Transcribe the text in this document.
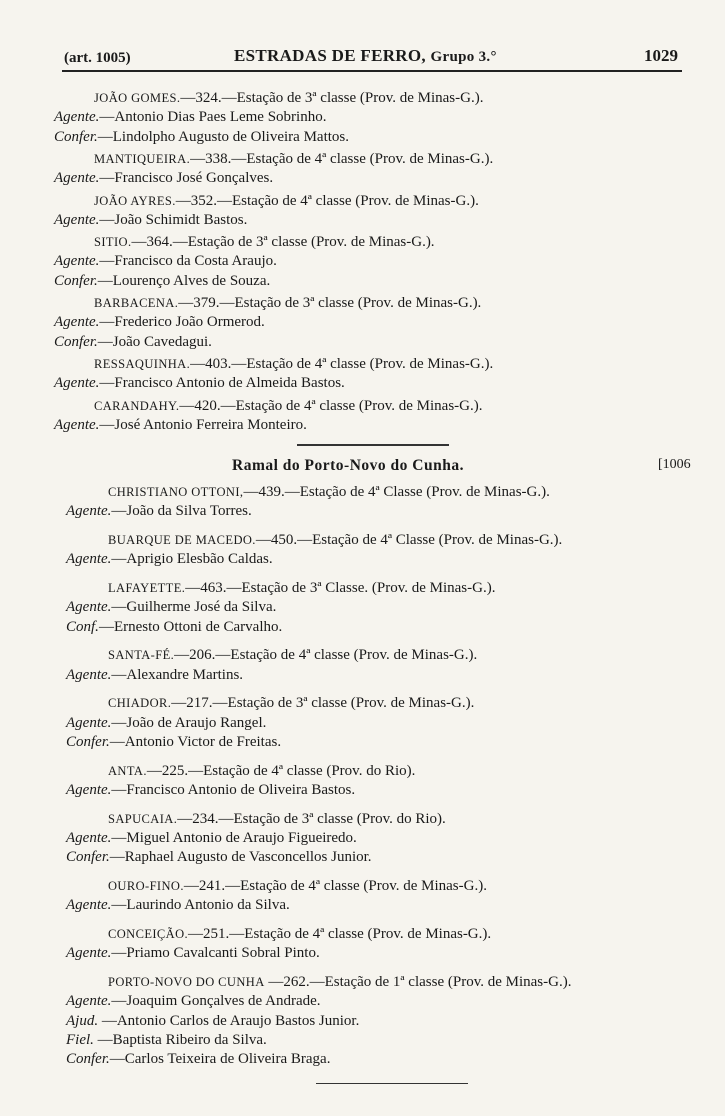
(art. 1005)	ESTRADAS DE FERRO, Grupo 3.°	1029
JOÃO GOMES.—324.—Estação de 3ª classe (Prov. de Minas-G.).
Agente.—Antonio Dias Paes Leme Sobrinho.
Confer.—Lindolpho Augusto de Oliveira Mattos.
MANTIQUEIRA.—338.—Estação de 4ª classe (Prov. de Minas-G.).
Agente.—Francisco José Gonçalves.
JOÃO AYRES.—352.—Estação de 4ª classe (Prov. de Minas-G.).
Agente.—João Schimidt Bastos.
SITIO.—364.—Estação de 3ª classe (Prov. de Minas-G.).
Agente.—Francisco da Costa Araujo.
Confer.—Lourenço Alves de Souza.
BARBACENA.—379.—Estação de 3ª classe (Prov. de Minas-G.).
Agente.—Frederico João Ormerod.
Confer.—João Cavedagui.
RESSAQUINHA.—403.—Estação de 4ª classe (Prov. de Minas-G.).
Agente.—Francisco Antonio de Almeida Bastos.
CARANDAHY.—420.—Estação de 4ª classe (Prov. de Minas-G.).
Agente.—José Antonio Ferreira Monteiro.
Ramal do Porto-Novo do Cunha.	[1006
CHRISTIANO OTTONI,—439.—Estação de 4ª Classe (Prov. de Minas-G.).
Agente.—João da Silva Torres.
BUARQUE DE MACEDO.—450.—Estação de 4ª Classe (Prov. de Minas-G.).
Agente.—Aprigio Elesbão Caldas.
LAFAYETTE.—463.—Estação de 3ª Classe. (Prov. de Minas-G.).
Agente.—Guilherme José da Silva.
Conf.—Ernesto Ottoni de Carvalho.
SANTA-FÉ.—206.—Estação de 4ª classe (Prov. de Minas-G.).
Agente.—Alexandre Martins.
CHIADOR.—217.—Estação de 3ª classe (Prov. de Minas-G.).
Agente.—João de Araujo Rangel.
Confer.—Antonio Victor de Freitas.
ANTA.—225.—Estação de 4ª classe (Prov. do Rio).
Agente.—Francisco Antonio de Oliveira Bastos.
SAPUCAIA.—234.—Estação de 3ª classe (Prov. do Rio).
Agente.—Miguel Antonio de Araujo Figueiredo.
Confer.—Raphael Augusto de Vasconcellos Junior.
OURO-FINO.—241.—Estação de 4ª classe (Prov. de Minas-G.).
Agente.—Laurindo Antonio da Silva.
CONCEIÇÃO.—251.—Estação de 4ª classe (Prov. de Minas-G.).
Agente.—Priamo Cavalcanti Sobral Pinto.
PORTO-NOVO DO CUNHA —262.—Estação de 1ª classe (Prov. de Minas-G.).
Agente.—Joaquim Gonçalves de Andrade.
Ajud. —Antonio Carlos de Araujo Bastos Junior.
Fiel. —Baptista Ribeiro da Silva.
Confer.—Carlos Teixeira de Oliveira Braga.
